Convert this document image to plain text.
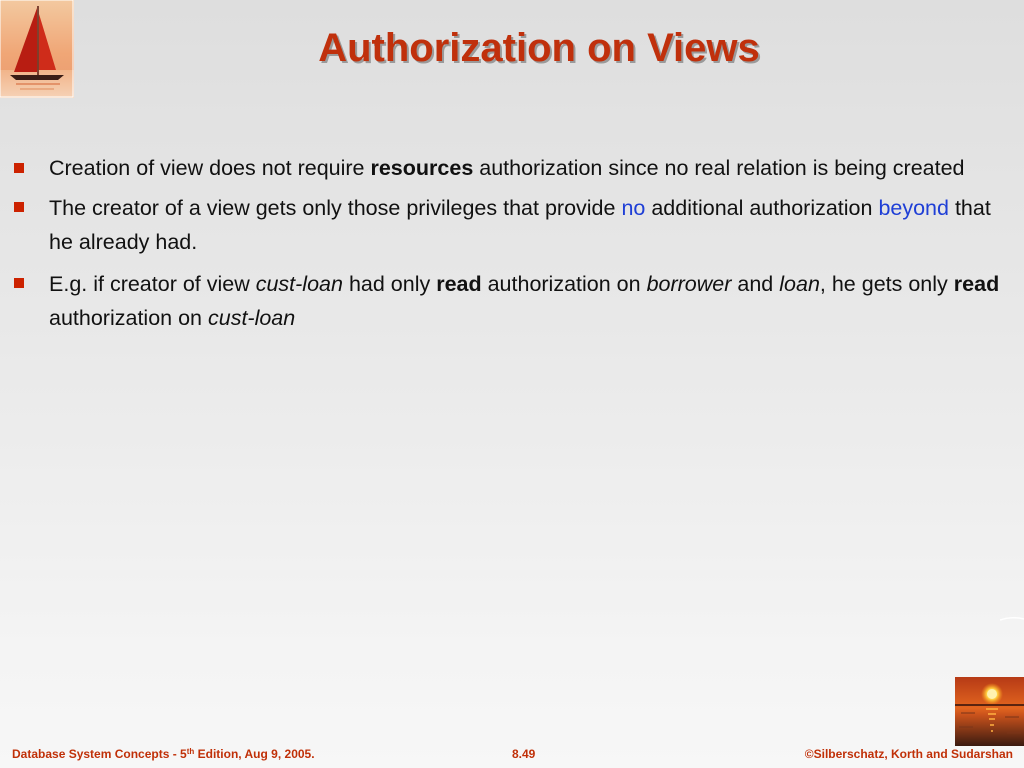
Authorization on Views
Creation of view does not require resources authorization since no real relation is being created
The creator of a view gets only those privileges that provide no additional authorization beyond that he already had.
E.g. if creator of view cust-loan had only read authorization on borrower and loan, he gets only read authorization on cust-loan
Database System Concepts - 5th Edition, Aug 9, 2005.	8.49	©Silberschatz, Korth and Sudarshan
